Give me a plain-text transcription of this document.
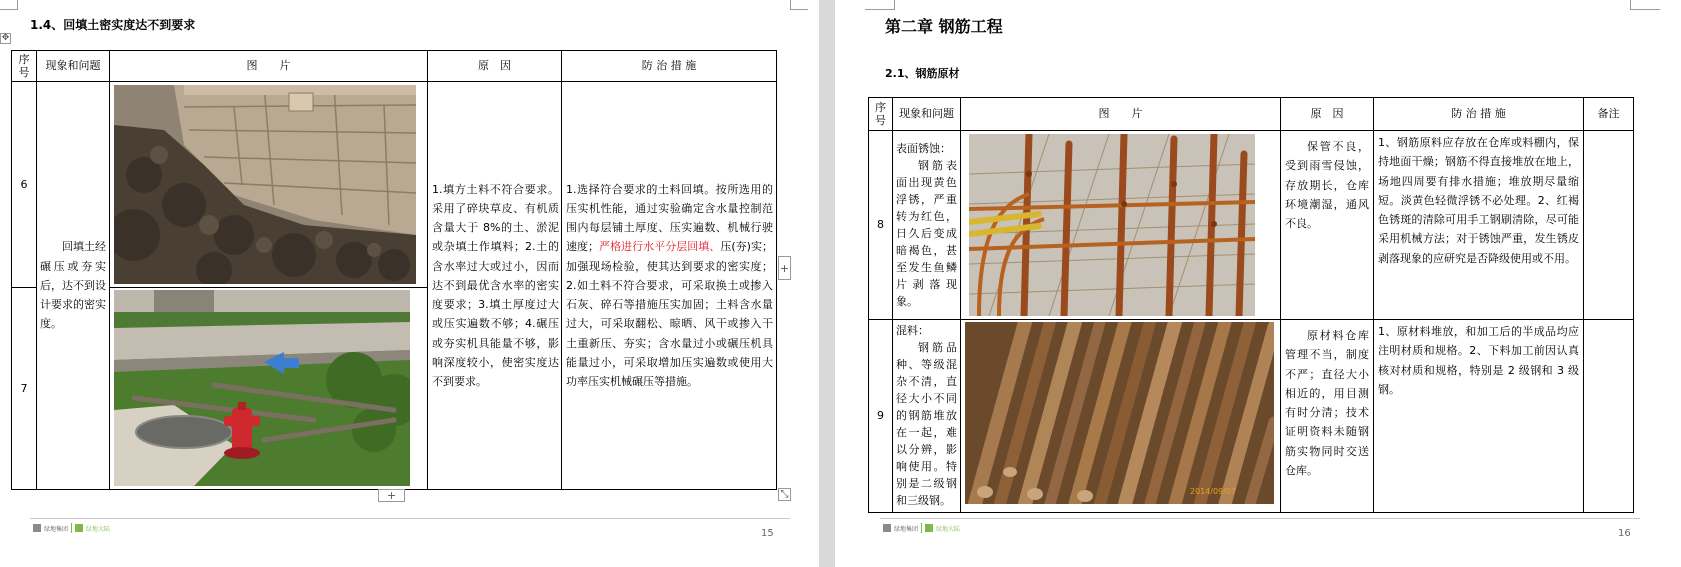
1.4、回填土密实度达不到要求
✥
序号	现象和问题	图　　片	原　因	防 治 措 施
6	回填土经碾压或夯实后，达不到设计要求的密实度。		1.填方土料不符合要求。采用了碎块草皮、有机质含量大于 8%的土、淤泥或杂填土作填料；2.土的含水率过大或过小，因而达不到最优含水率的密实度要求；3.填土厚度过大或压实遍数不够；4.碾压或夯实机具能量不够，影响深度较小，使密实度达不到要求。	1.选择符合要求的土料回填。按所选用的压实机性能，通过实验确定含水量控制范围内每层铺土厚度、压实遍数、机械行驶速度；严格进行水平分层回填、压(夯)实；加强现场检验，使其达到要求的密实度；2.如土料不符合要求，可采取换土或掺入石灰、碎石等措施压实加固；土料含水量过大，可采取翻松、晾晒、风干或掺入干土重新压、夯实；含水量过小或碾压机具能量过小，可采取增加压实遍数或使用大功率压实机械碾压等措施。

7	
+	⤡
+
绿地集团	绿地大陆	15
第二章 钢筋工程
2.1、钢筋原材
序号	现象和问题	图　　片	原　因	防 治 措 施	备注
8	表面锈蚀：
钢筋表面出现黄色浮锈，严重转为红色，日久后变成暗褐色，甚至发生鱼鳞片剥落现象。		保管不良，受到雨雪侵蚀，存放期长，仓库环境潮湿，通风不良。	1、钢筋原料应存放在仓库或料棚内，保持地面干燥；钢筋不得直接堆放在地上，场地四周要有排水措施；堆放期尽量缩短。淡黄色轻微浮锈不必处理。2、红褐色锈斑的清除可用手工钢刷清除，尽可能采用机械方法；对于锈蚀严重，发生锈皮剥落现象的应研究是否降级使用或不用。	

9	混料：
钢筋品种、等级混杂不清，直径大小不同的钢筋堆放在一起，难以分辨，影响使用。特别是二级钢和三级钢。	2014/09/07	原材料仓库管理不当，制度不严；直径大小相近的，用目测有时分清；技术证明资料未随钢筋实物同时交送仓库。	1、原材料堆放，和加工后的半成品均应注明材质和规格。2、下料加工前因认真核对材质和规格，特别是 2 级钢和 3 级钢。	

绿地集团	绿地大陆	16
